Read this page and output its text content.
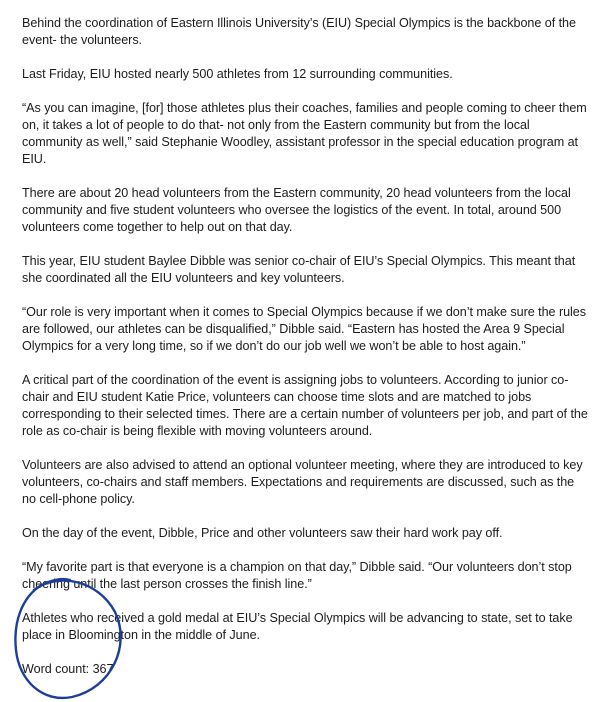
Behind the coordination of Eastern Illinois University’s (EIU) Special Olympics is the backbone of the event- the volunteers.

Last Friday, EIU hosted nearly 500 athletes from 12 surrounding communities.

“As you can imagine, [for] those athletes plus their coaches, families and people coming to cheer them on, it takes a lot of people to do that- not only from the Eastern community but from the local community as well,” said Stephanie Woodley, assistant professor in the special education program at EIU.

There are about 20 head volunteers from the Eastern community, 20 head volunteers from the local community and five student volunteers who oversee the logistics of the event. In total, around 500 volunteers come together to help out on that day.

This year, EIU student Baylee Dibble was senior co-chair of EIU’s Special Olympics. This meant that she coordinated all the EIU volunteers and key volunteers.

“Our role is very important when it comes to Special Olympics because if we don’t make sure the rules are followed, our athletes can be disqualified,” Dibble said. “Eastern has hosted the Area 9 Special Olympics for a very long time, so if we don’t do our job well we won’t be able to host again.”

A critical part of the coordination of the event is assigning jobs to volunteers. According to junior co-chair and EIU student Katie Price, volunteers can choose time slots and are matched to jobs corresponding to their selected times. There are a certain number of volunteers per job, and part of the role as co-chair is being flexible with moving volunteers around.

Volunteers are also advised to attend an optional volunteer meeting, where they are introduced to key volunteers, co-chairs and staff members. Expectations and requirements are discussed, such as the no cell-phone policy.

On the day of the event, Dibble, Price and other volunteers saw their hard work pay off.

“My favorite part is that everyone is a champion on that day,” Dibble said. “Our volunteers don’t stop cheering until the last person crosses the finish line.”

Athletes who received a gold medal at EIU’s Special Olympics will be advancing to state, set to take place in Bloomington in the middle of June.

Word count: 367
